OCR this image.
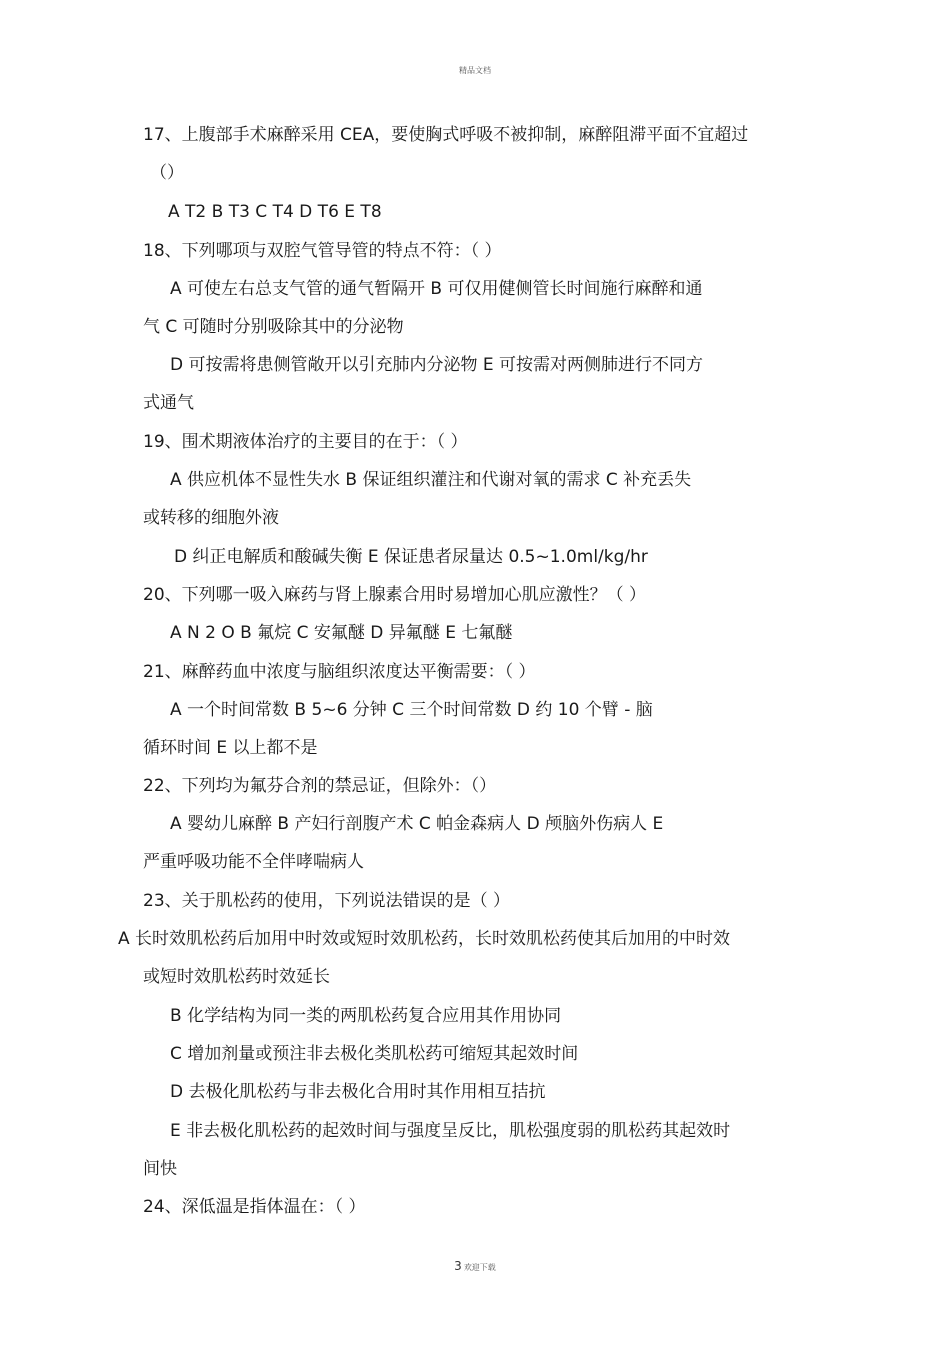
精品文档
17、上腹部手术麻醉采用 CEA，要使胸式呼吸不被抑制，麻醉阻滞平面不宜超过
（）
A T2 B T3 C T4 D T6 E T8
18、下列哪项与双腔气管导管的特点不符：（ ）
A 可使左右总支气管的通气暂隔开 B 可仅用健侧管长时间施行麻醉和通
气 C 可随时分别吸除其中的分泌物
D 可按需将患侧管敞开以引充肺内分泌物 E 可按需对两侧肺进行不同方
式通气
19、围术期液体治疗的主要目的在于：（ ）
A 供应机体不显性失水 B 保证组织灌注和代谢对氧的需求 C 补充丢失
或转移的细胞外液
D 纠正电解质和酸碱失衡 E 保证患者尿量达 0.5~1.0ml/kg/hr
20、下列哪一吸入麻药与肾上腺素合用时易增加心肌应激性？（ ）
A N 2 O B 氟烷 C 安氟醚 D 异氟醚 E 七氟醚
21、麻醉药血中浓度与脑组织浓度达平衡需要：（ ）
A 一个时间常数 B 5~6 分钟 C 三个时间常数 D 约 10 个臂 - 脑
循环时间 E 以上都不是
22、下列均为氟芬合剂的禁忌证，但除外：（）
A 婴幼儿麻醉 B 产妇行剖腹产术 C 帕金森病人 D 颅脑外伤病人 E
严重呼吸功能不全伴哮喘病人
23、关于肌松药的使用，下列说法错误的是（ ）
A 长时效肌松药后加用中时效或短时效肌松药，长时效肌松药使其后加用的中时效
或短时效肌松药时效延长
B 化学结构为同一类的两肌松药复合应用其作用协同
C 增加剂量或预注非去极化类肌松药可缩短其起效时间
D 去极化肌松药与非去极化合用时其作用相互拮抗
E 非去极化肌松药的起效时间与强度呈反比，肌松强度弱的肌松药其起效时
间快
24、深低温是指体温在：（ ）
3 欢迎下载
